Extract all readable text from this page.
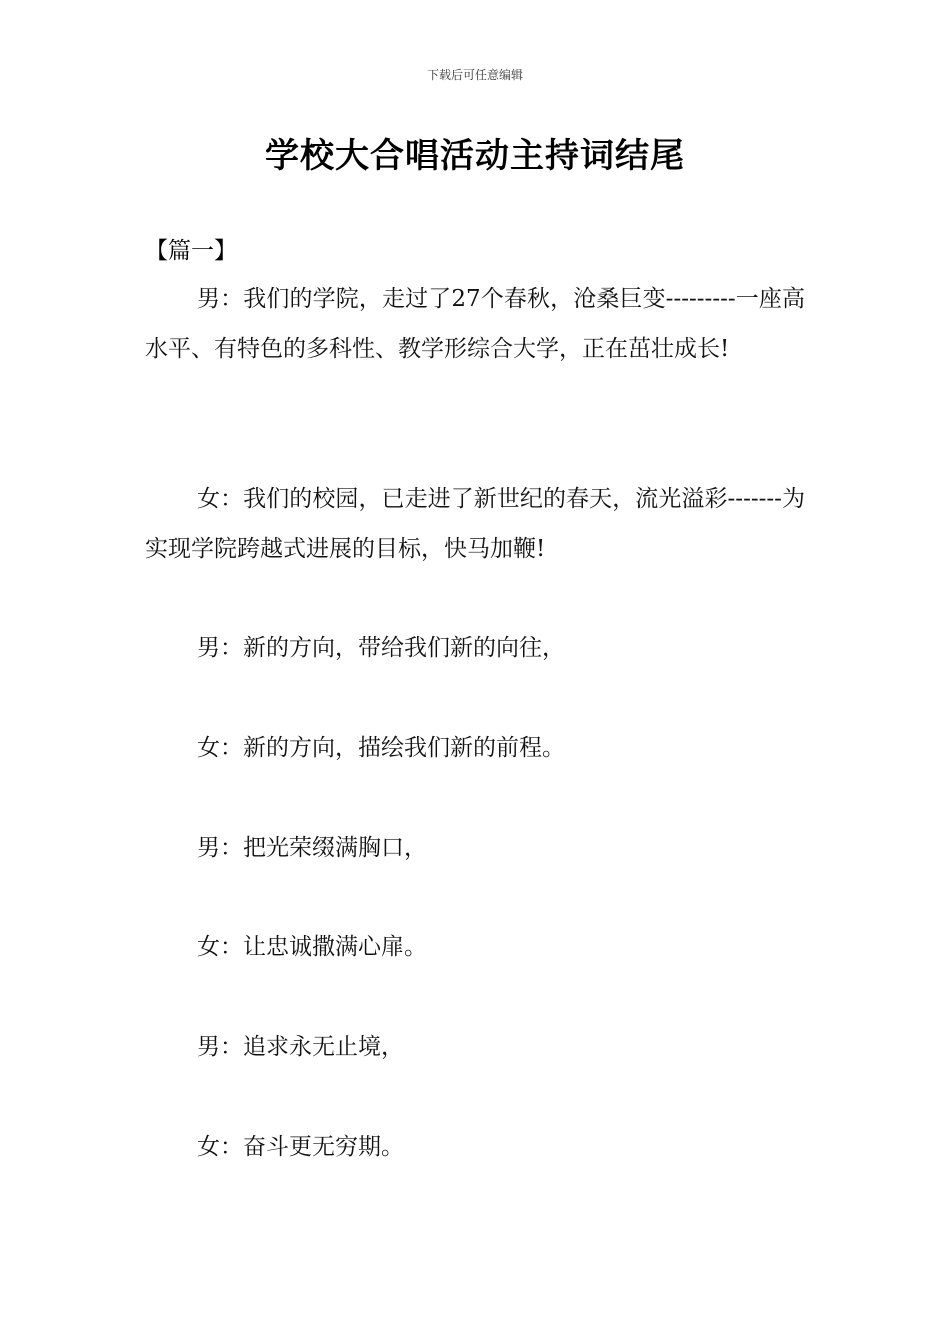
下载后可任意编辑
学校大合唱活动主持词结尾
【篇一】
男：我们的学院，走过了27个春秋，沧桑巨变---------一座高水平、有特色的多科性、教学形综合大学，正在茁壮成长!
女：我们的校园，已走进了新世纪的春天，流光溢彩-------为实现学院跨越式进展的目标，快马加鞭!
男：新的方向，带给我们新的向往，
女：新的方向，描绘我们新的前程。
男：把光荣缀满胸口，
女：让忠诚撒满心扉。
男：追求永无止境，
女：奋斗更无穷期。
